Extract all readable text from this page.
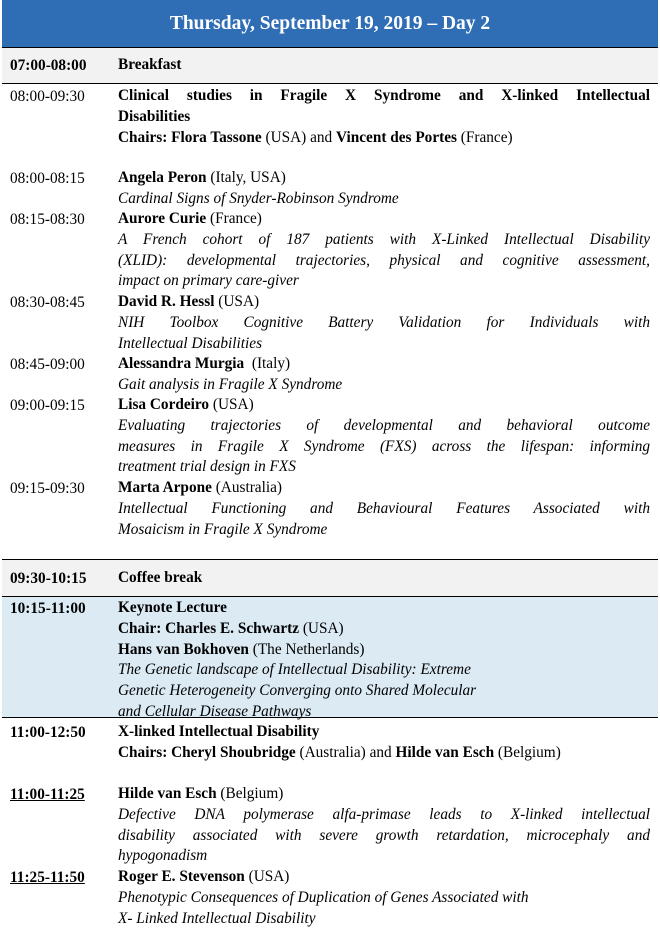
Thursday, September 19, 2019 – Day 2
07:00-08:00 Breakfast
08:00-09:30 Clinical studies in Fragile X Syndrome and X-linked Intellectual
Disabilities
Chairs: Flora Tassone (USA) and Vincent des Portes (France)
08:00-08:15 Angela Peron (Italy, USA)
Cardinal Signs of Snyder-Robinson Syndrome
08:15-08:30 Aurore Curie (France)
A French cohort of 187 patients with X-Linked Intellectual Disability
(XLID): developmental trajectories, physical and cognitive assessment,
impact on primary care-giver
08:30-08:45 David R. Hessl (USA)
NIH Toolbox Cognitive Battery Validation for Individuals with
Intellectual Disabilities
08:45-09:00 Alessandra Murgia  (Italy)
Gait analysis in Fragile X Syndrome
09:00-09:15 Lisa Cordeiro (USA)
Evaluating trajectories of developmental and behavioral outcome
measures in Fragile X Syndrome (FXS) across the lifespan: informing
treatment trial design in FXS
09:15-09:30 Marta Arpone (Australia)
Intellectual Functioning and Behavioural Features Associated with
Mosaicism in Fragile X Syndrome
09:30-10:15 Coffee break
10:15-11:00 Keynote Lecture
Chair: Charles E. Schwartz (USA)
Hans van Bokhoven (The Netherlands)
The Genetic landscape of Intellectual Disability: Extreme
Genetic Heterogeneity Converging onto Shared Molecular
and Cellular Disease Pathways
11:00-12:50 X-linked Intellectual Disability
Chairs: Cheryl Shoubridge (Australia) and Hilde van Esch (Belgium)
11:00-11:25 Hilde van Esch (Belgium)
Defective DNA polymerase alfa-primase leads to X-linked intellectual
disability associated with severe growth retardation, microcephaly and
hypogonadism
11:25-11:50 Roger E. Stevenson (USA)
Phenotypic Consequences of Duplication of Genes Associated with
X- Linked Intellectual Disability
